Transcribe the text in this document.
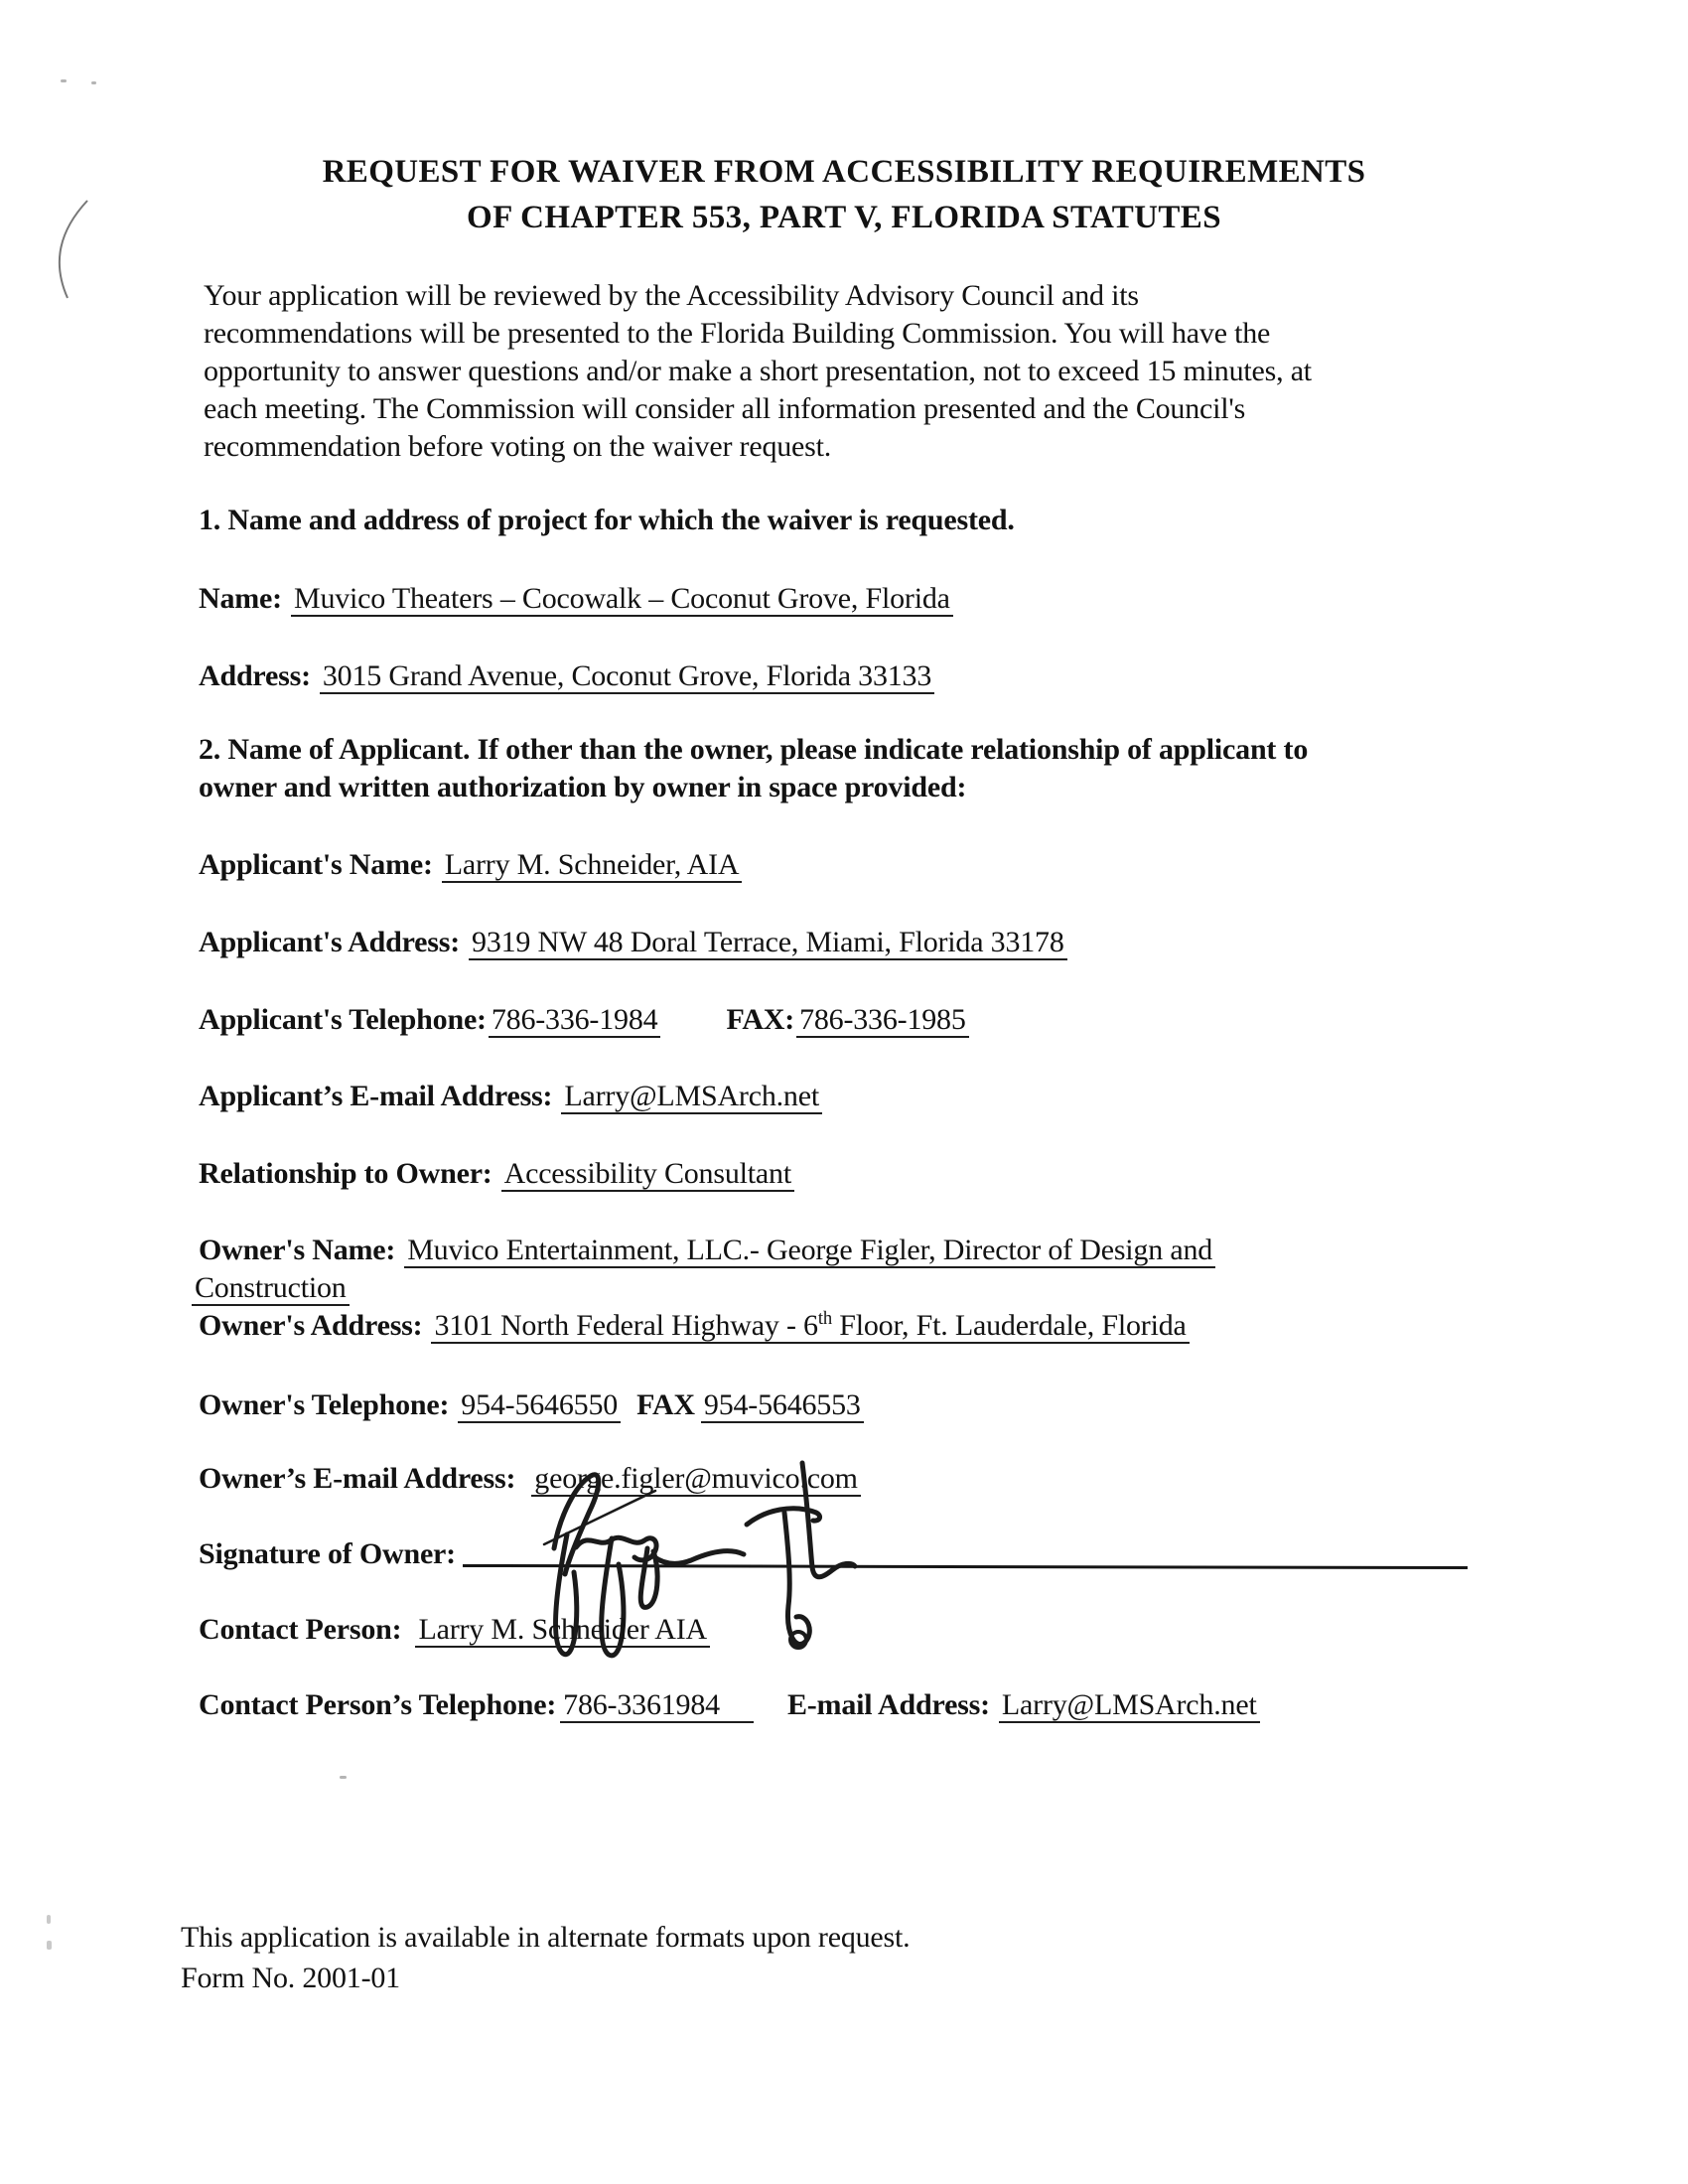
REQUEST FOR WAIVER FROM ACCESSIBILITY REQUIREMENTS
OF CHAPTER 553, PART V, FLORIDA STATUTES
Your application will be reviewed by the Accessibility Advisory Council and its
recommendations will be presented to the Florida Building Commission. You will have the
opportunity to answer questions and/or make a short presentation, not to exceed 15 minutes, at
each meeting. The Commission will consider all information presented and the Council's
recommendation before voting on the waiver request.
1. Name and address of project for which the waiver is requested.
Name: Muvico Theaters – Cocowalk – Coconut Grove, Florida
Address: 3015 Grand Avenue, Coconut Grove, Florida 33133
2. Name of Applicant. If other than the owner, please indicate relationship of applicant to
owner and written authorization by owner in space provided:
Applicant's Name: Larry M. Schneider, AIA
Applicant's Address: 9319 NW 48 Doral Terrace, Miami, Florida 33178
Applicant's Telephone: 786-336-1984 FAX: 786-336-1985
Applicant’s E-mail Address: Larry@LMSArch.net
Relationship to Owner: Accessibility Consultant
Owner's Name: Muvico Entertainment, LLC.- George Figler, Director of Design and
Construction
Owner's Address: 3101 North Federal Highway - 6th Floor, Ft. Lauderdale, Florida
Owner's Telephone: 954-5646550 FAX 954-5646553
Owner’s E-mail Address: george.figler@muvico.com
Signature of Owner:
Contact Person: Larry M. Schneider AIA
Contact Person’s Telephone: 786-3361984 E-mail Address: Larry@LMSArch.net
This application is available in alternate formats upon request.
Form No. 2001-01
